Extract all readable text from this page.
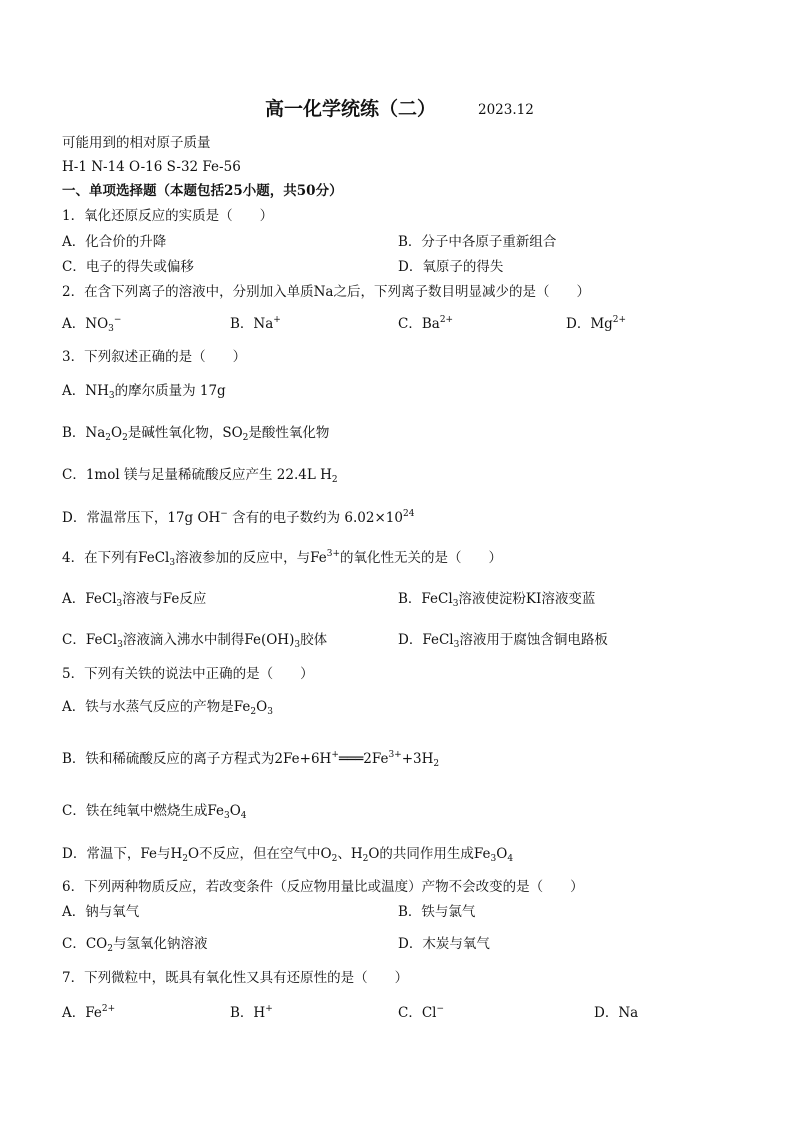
高一化学统练（二）	2023.12
可能用到的相对原子质量
H-1 N-14 O-16 S-32 Fe-56
一、单项选择题（本题包括25小题，共50分）
1．氧化还原反应的实质是（　　）
A．化合价的升降	B．分子中各原子重新组合
C．电子的得失或偏移	D．氧原子的得失
2．在含下列离子的溶液中，分别加入单质Na之后，下列离子数目明显减少的是（　　）
A．$NO_3^-$	B．Na+	C．$Ba^{2+}$	D．$Mg^{2+}$
3．下列叙述正确的是（　　）
A．$NH_3$的摩尔质量为 17g
B．$Na_2O_2$是碱性氧化物，$SO_2$是酸性氧化物
C．1mol 镁与足量稀硫酸反应产生 22.4L $H_2$
D．常温常压下，17g OH− 含有的电子数约为 $6.02\times 10^{24}$
4．在下列有FeCl$_3$溶液参加的反应中，与$Fe^{3+}$的氧化性无关的是（　　）
A．FeCl$_3$溶液与Fe反应	B．FeCl$_3$溶液使淀粉KI溶液变蓝
C．FeCl$_3$溶液滴入沸水中制得$Fe(OH)_3$胶体	D．FeCl$_3$溶液用于腐蚀含铜电路板
5．下列有关铁的说法中正确的是（　　）
A．铁与水蒸气反应的产物是$Fe_2O_3$
B．铁和稀硫酸反应的离子方程式为$2Fe+6H^+═══2Fe^{3+}+3H_2$
C．铁在纯氧中燃烧生成$Fe_3O_4$
D．常温下，Fe与$H_2O$不反应，但在空气中$O_2$、$H_2O$的共同作用生成$Fe_3O_4$
6．下列两种物质反应，若改变条件（反应物用量比或温度）产物不会改变的是（　　）
A．钠与氧气	B．铁与氯气
C．$CO_2$与氢氧化钠溶液	D．木炭与氧气
7．下列微粒中，既具有氧化性又具有还原性的是（　　）
A．$Fe^{2+}$	B．H+	C．Cl−	D．Na
